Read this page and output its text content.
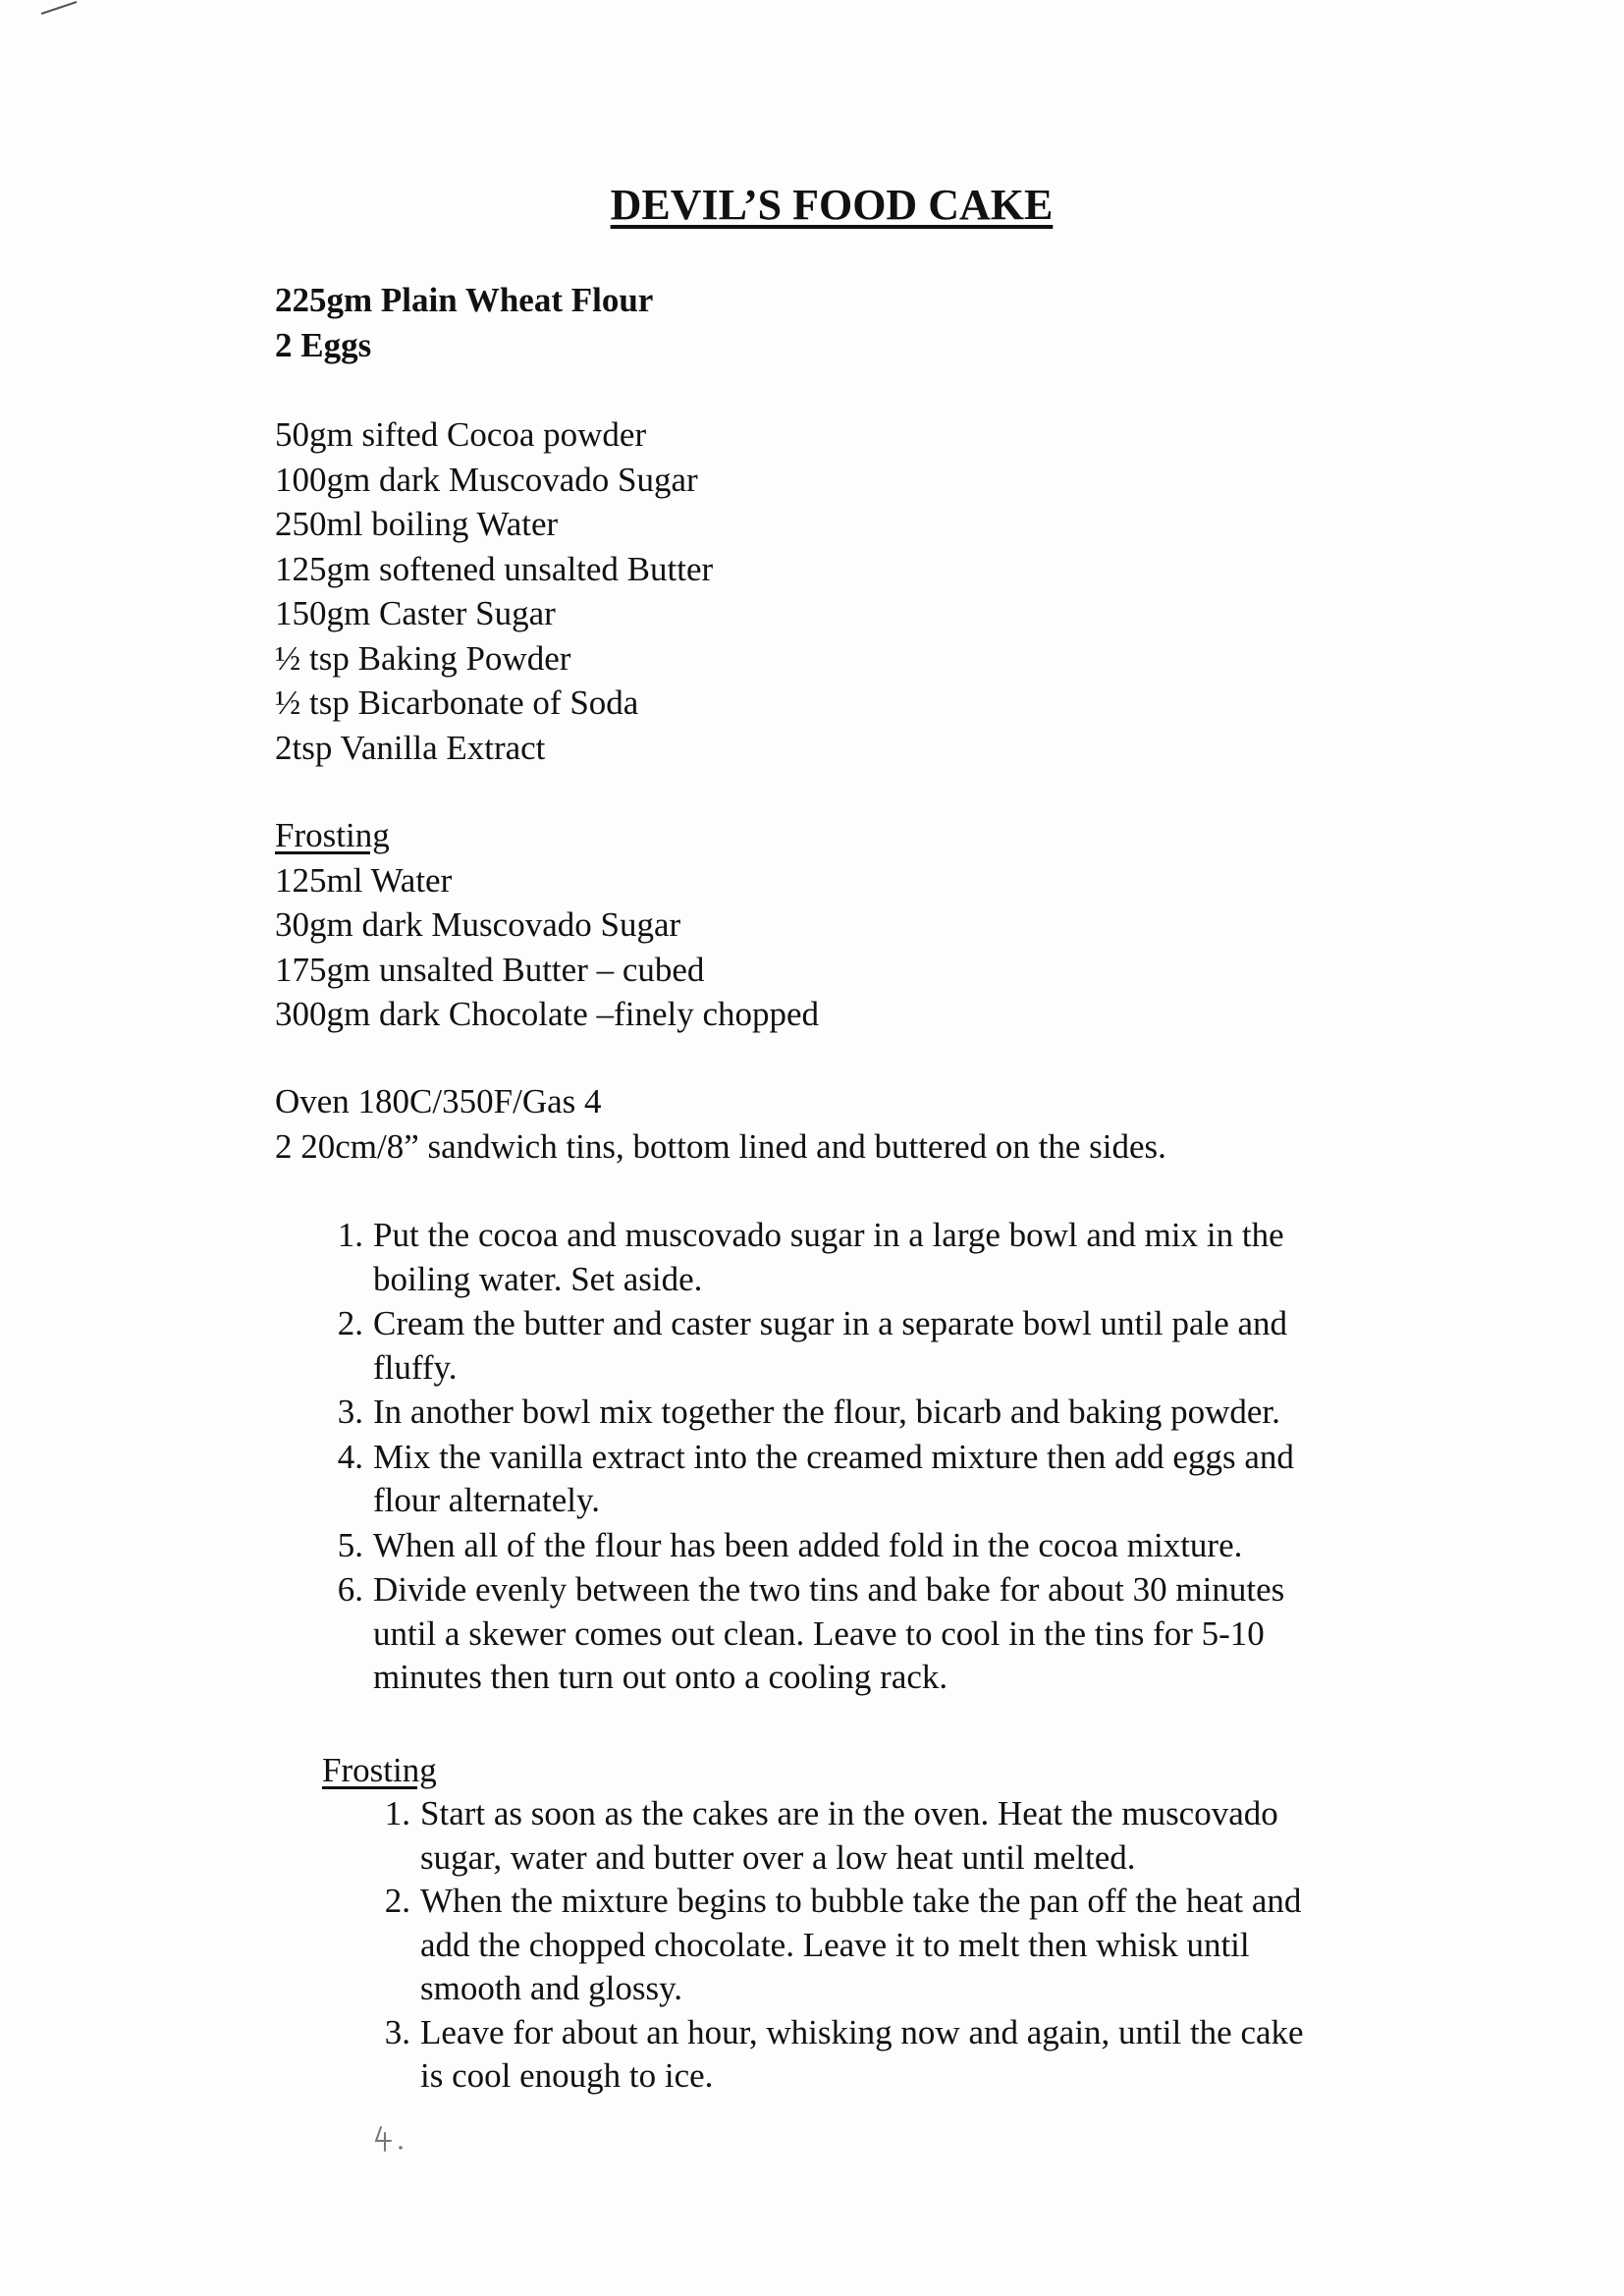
DEVIL’S FOOD CAKE
225gm Plain Wheat Flour
2 Eggs
50gm sifted Cocoa powder
100gm dark Muscovado Sugar
250ml boiling Water
125gm softened unsalted Butter
150gm Caster Sugar
½ tsp Baking Powder
½ tsp Bicarbonate of Soda
2tsp Vanilla Extract
Frosting
125ml Water
30gm dark Muscovado Sugar
175gm unsalted Butter – cubed
300gm dark Chocolate –finely chopped
Oven 180C/350F/Gas 4
2 20cm/8” sandwich tins, bottom lined and buttered on the sides.
1. Put the cocoa and muscovado sugar in a large bowl and mix in the
boiling water. Set aside.
2. Cream the butter and caster sugar in a separate bowl until pale and
fluffy.
3. In another bowl mix together the flour, bicarb and baking powder.
4. Mix the vanilla extract into the creamed mixture then add eggs and
flour alternately.
5. When all of the flour has been added fold in the cocoa mixture.
6. Divide evenly between the two tins and bake for about 30 minutes
until a skewer comes out clean. Leave to cool in the tins for 5-10
minutes then turn out onto a cooling rack.
Frosting
1. Start as soon as the cakes are in the oven. Heat the muscovado
sugar, water and butter over a low heat until melted.
2. When the mixture begins to bubble take the pan off the heat and
add the chopped chocolate. Leave it to melt then whisk until
smooth and glossy.
3. Leave for about an hour, whisking now and again, until the cake
is cool enough to ice.
